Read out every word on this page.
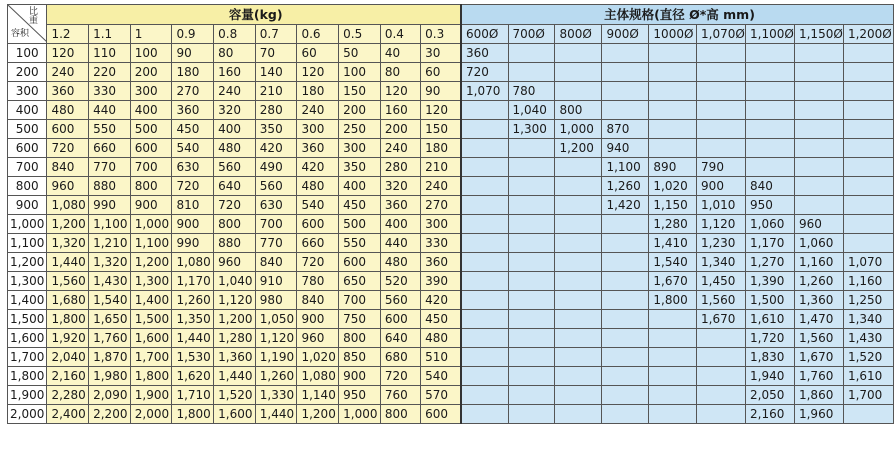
比重
容积	容量(kg)										主体规格(直径 Ø*高 mm)								
	1.2	1.1	1	0.9	0.8	0.7	0.6	0.5	0.4	0.3	600Ø	700Ø	800Ø	900Ø	1000Ø	1,070Ø	1,100Ø	1,150Ø	1,200Ø
100	120	110	100	90	80	70	60	50	40	30	360								
200	240	220	200	180	160	140	120	100	80	60	720								
300	360	330	300	270	240	210	180	150	120	90	1,070	780							
400	480	440	400	360	320	280	240	200	160	120		1,040	800						
500	600	550	500	450	400	350	300	250	200	150		1,300	1,000	870					
600	720	660	600	540	480	420	360	300	240	180			1,200	940					
700	840	770	700	630	560	490	420	350	280	210				1,100	890	790			
800	960	880	800	720	640	560	480	400	320	240				1,260	1,020	900	840		
900	1,080	990	900	810	720	630	540	450	360	270				1,420	1,150	1,010	950		
1,000	1,200	1,100	1,000	900	800	700	600	500	400	300					1,280	1,120	1,060	960	
1,100	1,320	1,210	1,100	990	880	770	660	550	440	330					1,410	1,230	1,170	1,060	
1,200	1,440	1,320	1,200	1,080	960	840	720	600	480	360					1,540	1,340	1,270	1,160	1,070
1,300	1,560	1,430	1,300	1,170	1,040	910	780	650	520	390					1,670	1,450	1,390	1,260	1,160
1,400	1,680	1,540	1,400	1,260	1,120	980	840	700	560	420					1,800	1,560	1,500	1,360	1,250
1,500	1,800	1,650	1,500	1,350	1,200	1,050	900	750	600	450						1,670	1,610	1,470	1,340
1,600	1,920	1,760	1,600	1,440	1,280	1,120	960	800	640	480							1,720	1,560	1,430
1,700	2,040	1,870	1,700	1,530	1,360	1,190	1,020	850	680	510							1,830	1,670	1,520
1,800	2,160	1,980	1,800	1,620	1,440	1,260	1,080	900	720	540							1,940	1,760	1,610
1,900	2,280	2,090	1,900	1,710	1,520	1,330	1,140	950	760	570							2,050	1,860	1,700
2,000	2,400	2,200	2,000	1,800	1,600	1,440	1,200	1,000	800	600							2,160	1,960	
